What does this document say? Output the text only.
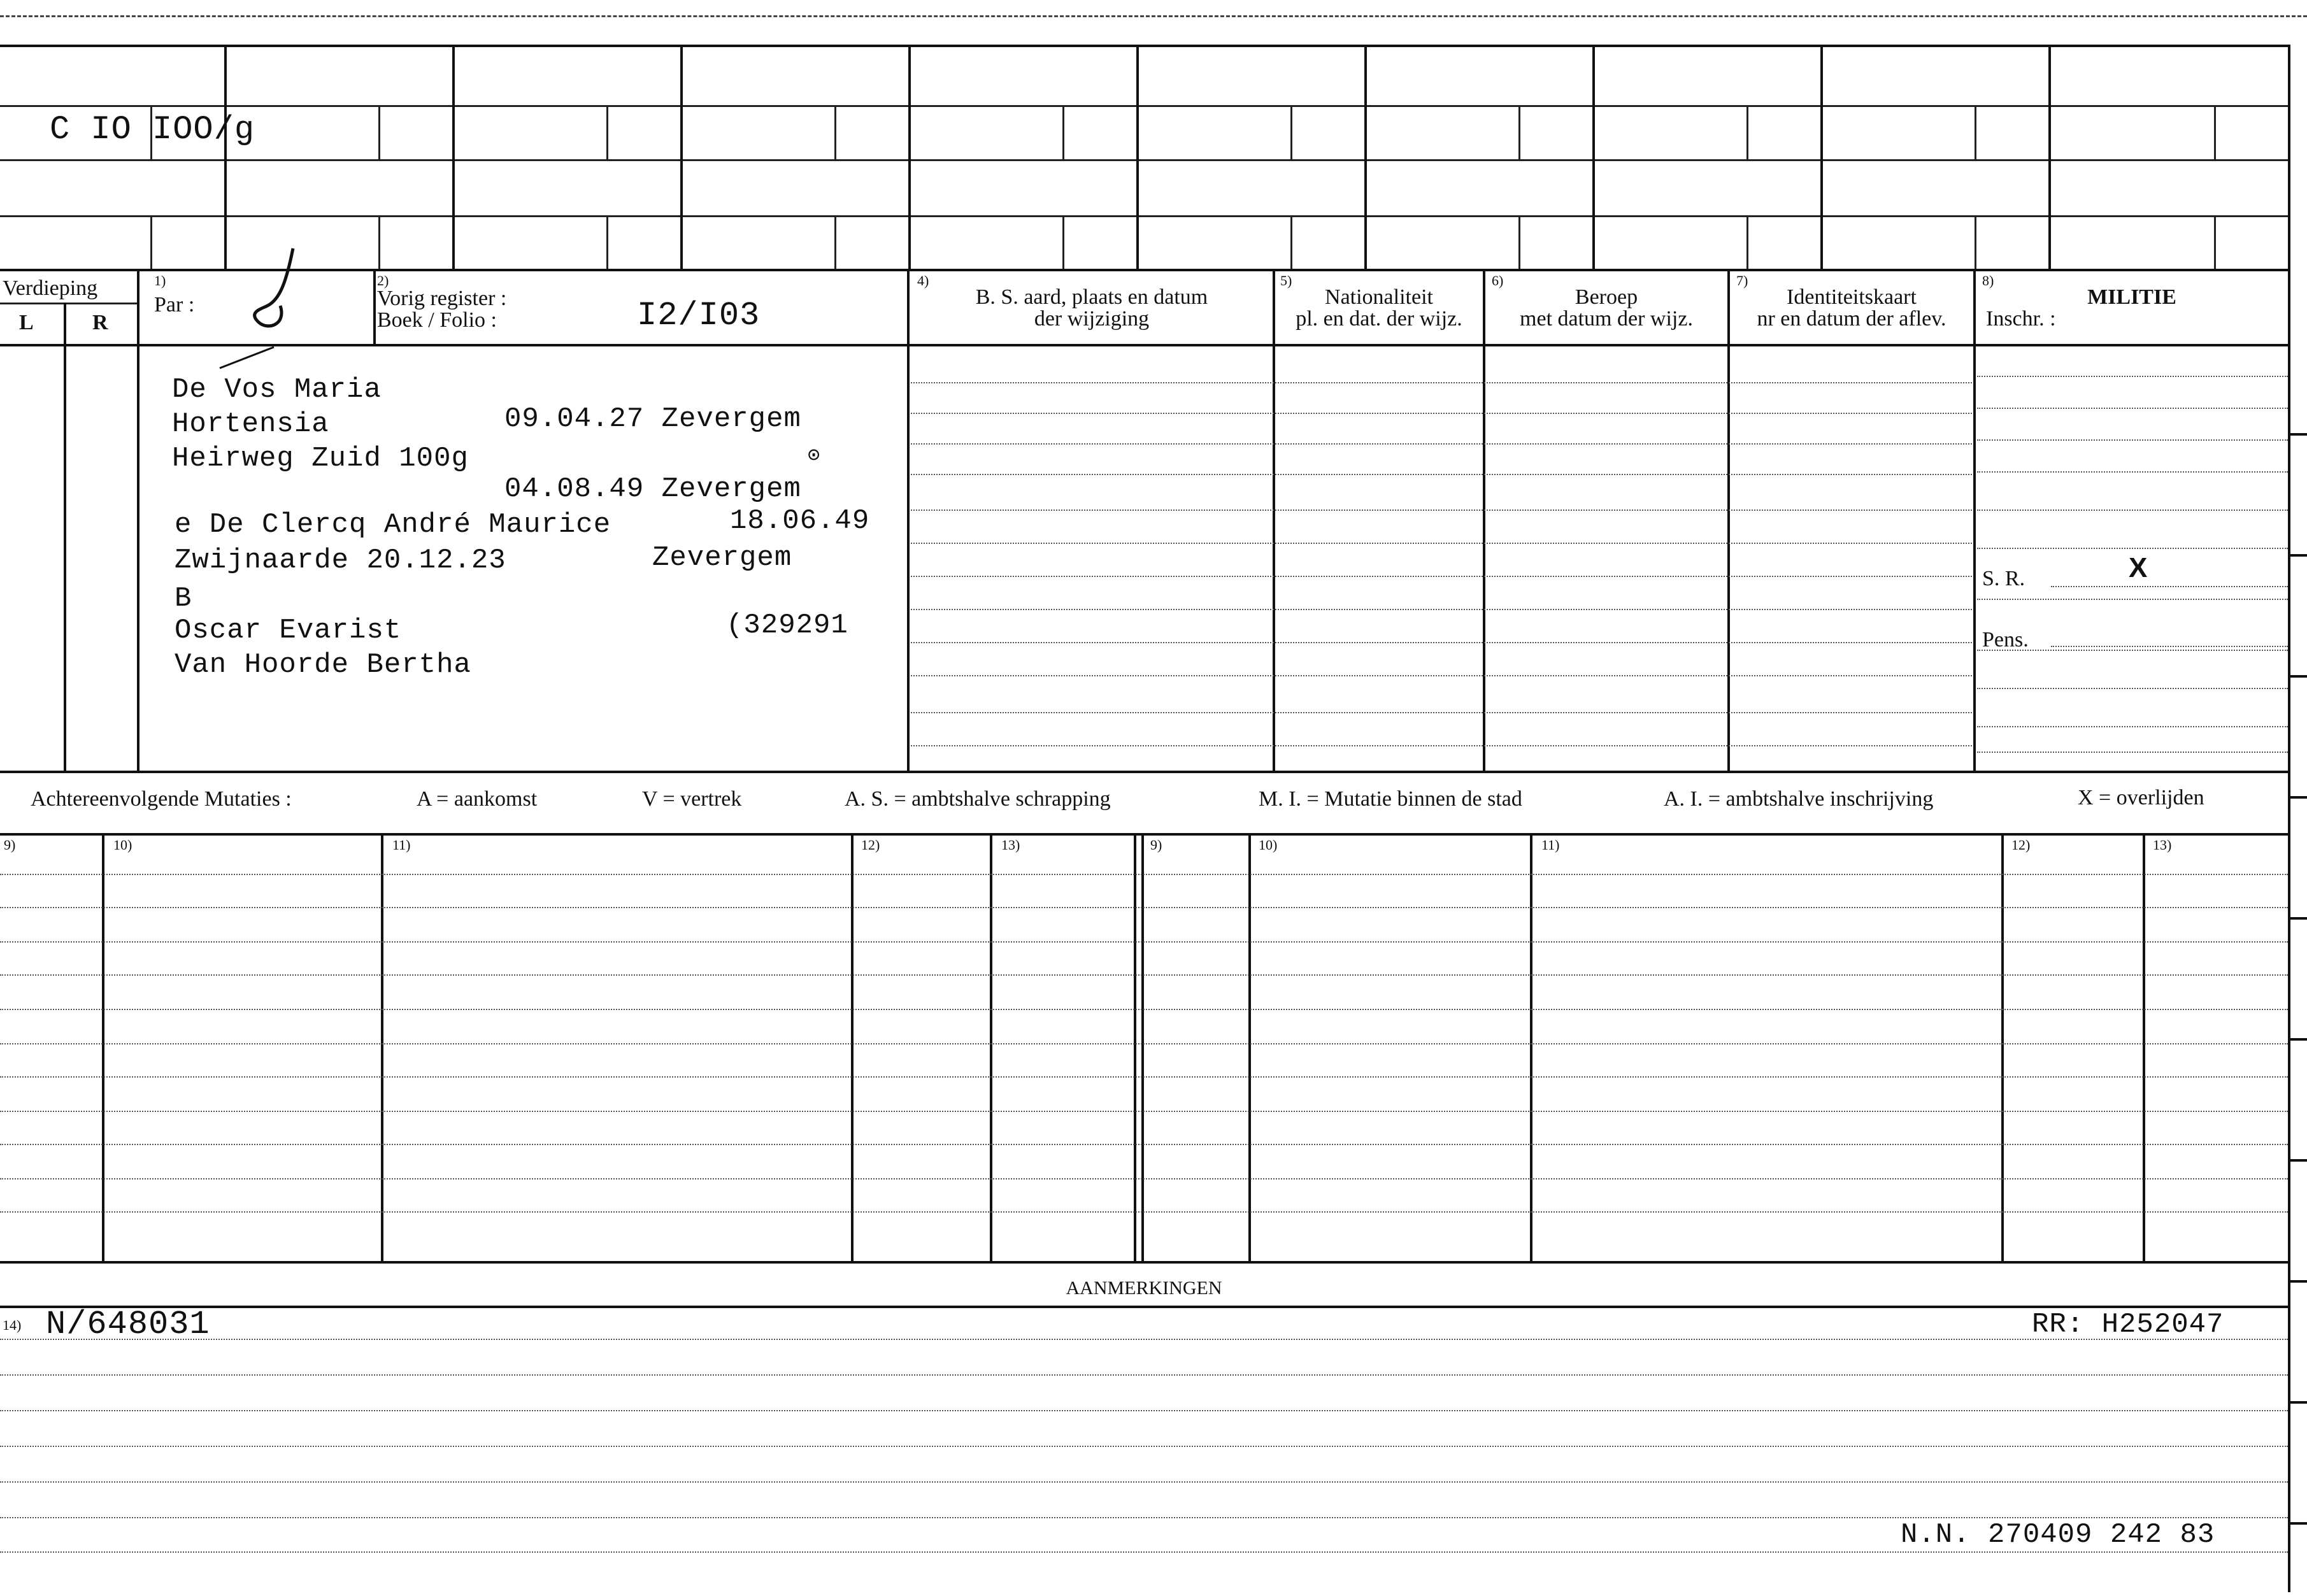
C IO IOO/g
Verdieping
L	R
1)
Par :
2)
Vorig register :
Boek / Folio :	I2/I03
4)
B. S. aard, plaats en datum
der wijziging
5)
Nationaliteit
pl. en dat. der wijz.
6)
Beroep
met datum der wijz.
7)
Identiteitskaart
nr en datum der aflev.
8)
MILITIE
Inschr. :
De Vos Maria
Hortensia	09.04.27 Zevergem
Heirweg Zuid 100g	⊙
04.08.49 Zevergem
e De Clercq André Maurice	18.06.49
Zwijnaarde 20.12.23	Zevergem
B
Oscar Evarist	(329291
Van Hoorde Bertha
S. R.	X
Pens.
Achtereenvolgende Mutaties :	A = aankomst	V = vertrek	A. S. = ambtshalve schrapping	M. I. = Mutatie binnen de stad	A. I. = ambtshalve inschrijving	X = overlijden
9)	10)	11)	12)	13)	9)	10)	11)	12)	13)
AANMERKINGEN
14) N/648031	RR: H252047
N.N. 270409 242 83
